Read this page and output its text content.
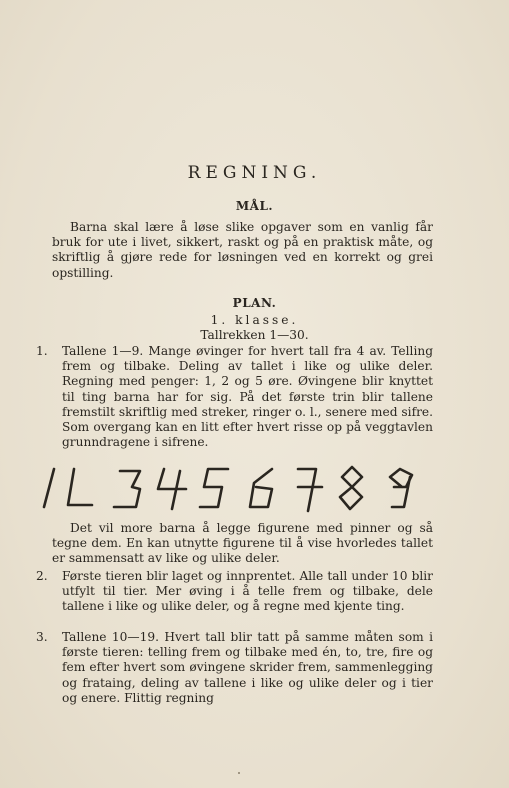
REGNING.
MÅL.
Barna skal lære å løse slike opgaver som en vanlig får bruk for ute i livet, sikkert, raskt og på en praktisk måte, og skriftlig å gjøre rede for løsningen ved en korrekt og grei opstilling.
PLAN.
1. klasse.
Tallrekken 1—30.
1.	Tallene 1—9. Mange øvinger for hvert tall fra 4 av. Telling frem og tilbake. Deling av tallet i like og ulike deler. Regning med penger: 1, 2 og 5 øre. Øvingene blir knyttet til ting barna har for sig. På det første trin blir tallene fremstilt skriftlig med streker, ringer o. l., senere med sifre. Som overgang kan en litt efter hvert risse op på veggtavlen grunndragene i sifrene.
Det vil more barna å legge figurene med pinner og så tegne dem. En kan utnytte figurene til å vise hvorledes tallet er sammensatt av like og ulike deler.
2.	Første tieren blir laget og innprentet. Alle tall under 10 blir utfylt til tier. Mer øving i å telle frem og tilbake, dele tallene i like og ulike deler, og å regne med kjente ting.
3.	Tallene 10—19. Hvert tall blir tatt på samme måten som i første tieren: telling frem og tilbake med én, to, tre, fire og fem efter hvert som øvingene skrider frem, sammenlegging og frataing, deling av tallene i like og ulike deler og i tier og enere. Flittig regning
